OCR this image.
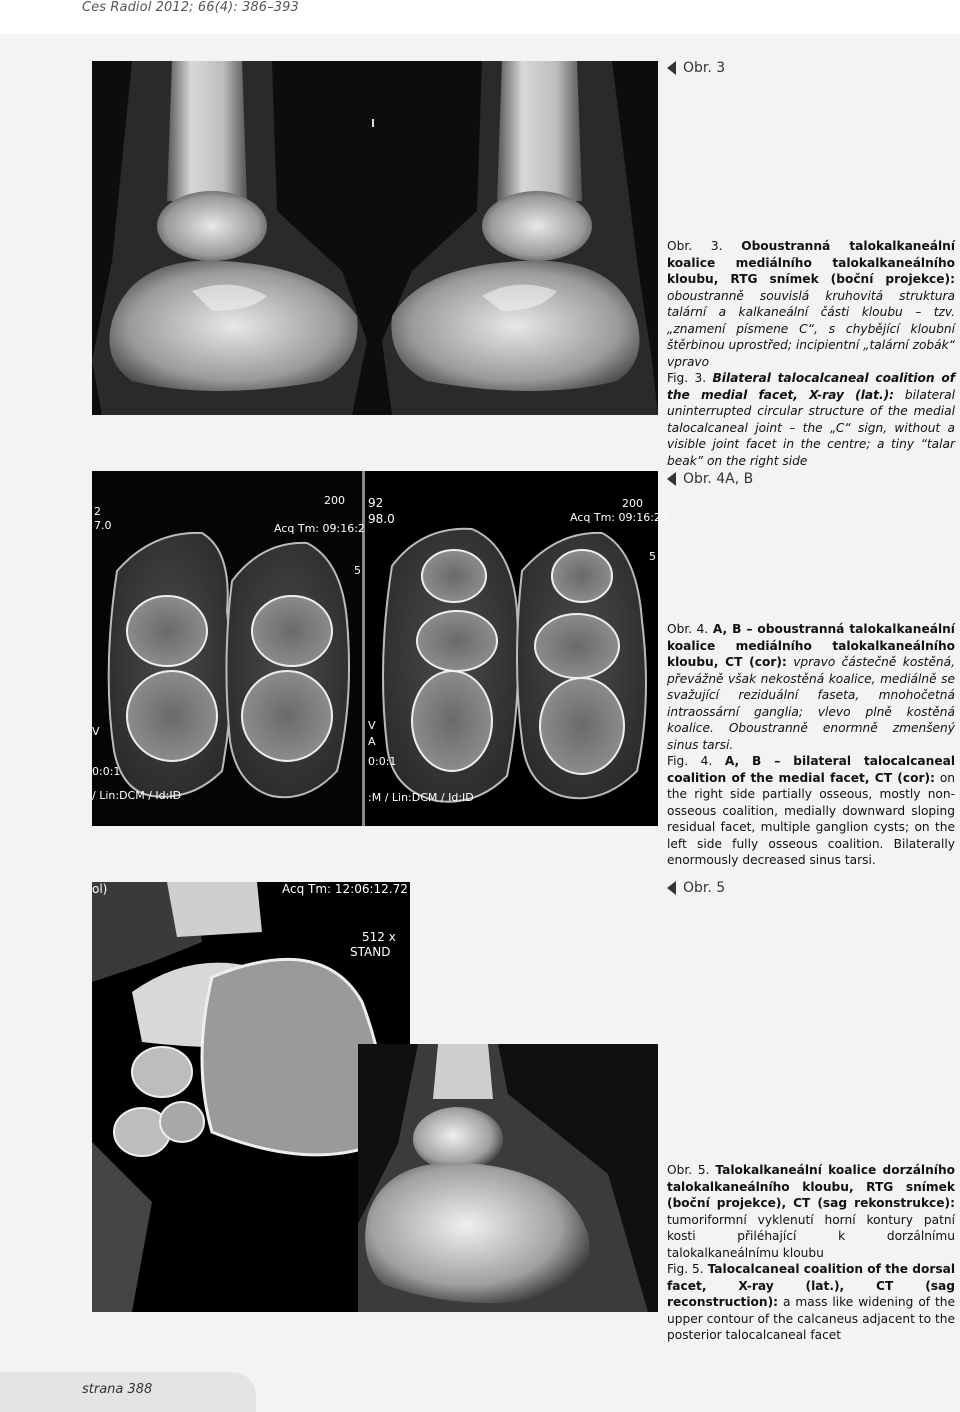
Ces Radiol 2012; 66(4): 386–393
Obr. 3

Obr. 3. Oboustranná talokalkaneální koalice mediálního talokalkaneálního kloubu, RTG snímek (boční projekce): oboustranně souvislá kruhovitá struktura talární a kalkaneální části kloubu – tzv. „znamení písmene C“, s chybějící kloubní štěrbinou uprostřed; incipientní „talární zobák“ vpravo

Fig. 3. Bilateral talocalcaneal coalition of the medial facet, X-ray (lat.): bilateral uninterrupted circular structure of the medial talocalcaneal joint – the „C“ sign, without a visible joint facet in the centre; a tiny “talar beak” on the right side

2
7.0
200
Acq Tm: 09:16:2
5
V
0:0:1
/ Lin:DCM / Id:ID
92
98.0
200
Acq Tm: 09:16:26
5
V
A
0:0:1
:M / Lin:DCM / Id:ID
Obr. 4A, B

Obr. 4. A, B – oboustranná talokalkaneální koalice mediálního talokalkaneálního kloubu, CT (cor): vpravo částečně kostěná, převážně však nekostěná koalice, mediálně se svažující reziduální faseta, mnohočetná intraossární ganglia; vlevo plně kostěná koalice. Oboustranně enormně zmenšený sinus tarsi.

Fig. 4. A, B – bilateral talocalcaneal coalition of the medial facet, CT (cor): on the right side partially osseous, mostly non-osseous coalition, medially downward sloping residual facet, multiple ganglion cysts; on the left side fully osseous coalition. Bilaterally enormously decreased sinus tarsi.

ol)	Acq Tm: 12:06:12.72
512 x
STAND
Obr. 5

Obr. 5. Talokalkaneální koalice dorzálního talokalkaneálního kloubu, RTG snímek (boční projekce), CT (sag rekonstrukce): tumoriformní vyklenutí horní kontury patní kosti přiléhající k dorzálnímu talokalkaneálnímu kloubu

Fig. 5. Talocalcaneal coalition of the dorsal facet, X-ray (lat.), CT (sag reconstruction): a mass like widening of the upper contour of the calcaneus adjacent to the posterior talocalcaneal facet

strana 388
